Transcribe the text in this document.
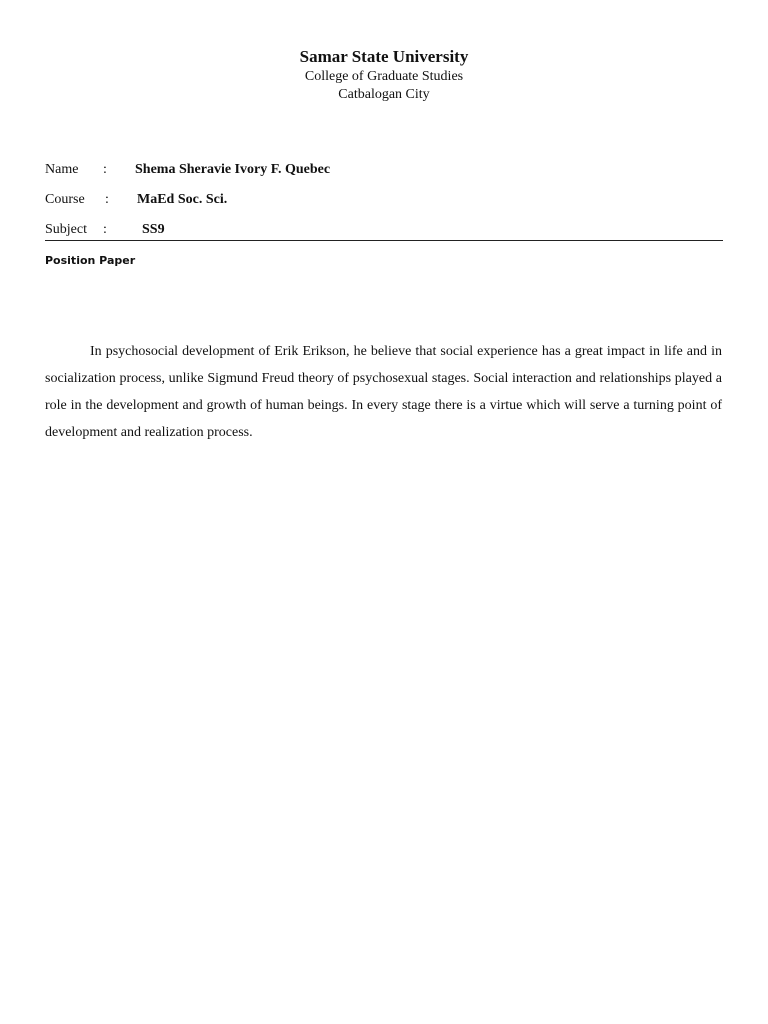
Samar State University
College of Graduate Studies
Catbalogan City
Name : Shema Sheravie Ivory F. Quebec
Course : MaEd Soc. Sci.
Subject :	SS9
Position Paper

In psychosocial development of Erik Erikson, he believe that social experience has a great impact in life and in socialization process, unlike Sigmund Freud theory of psychosexual stages. Social interaction and relationships played a role in the development and growth of human beings. In every stage there is a virtue which will serve a turning point of development and realization process.
